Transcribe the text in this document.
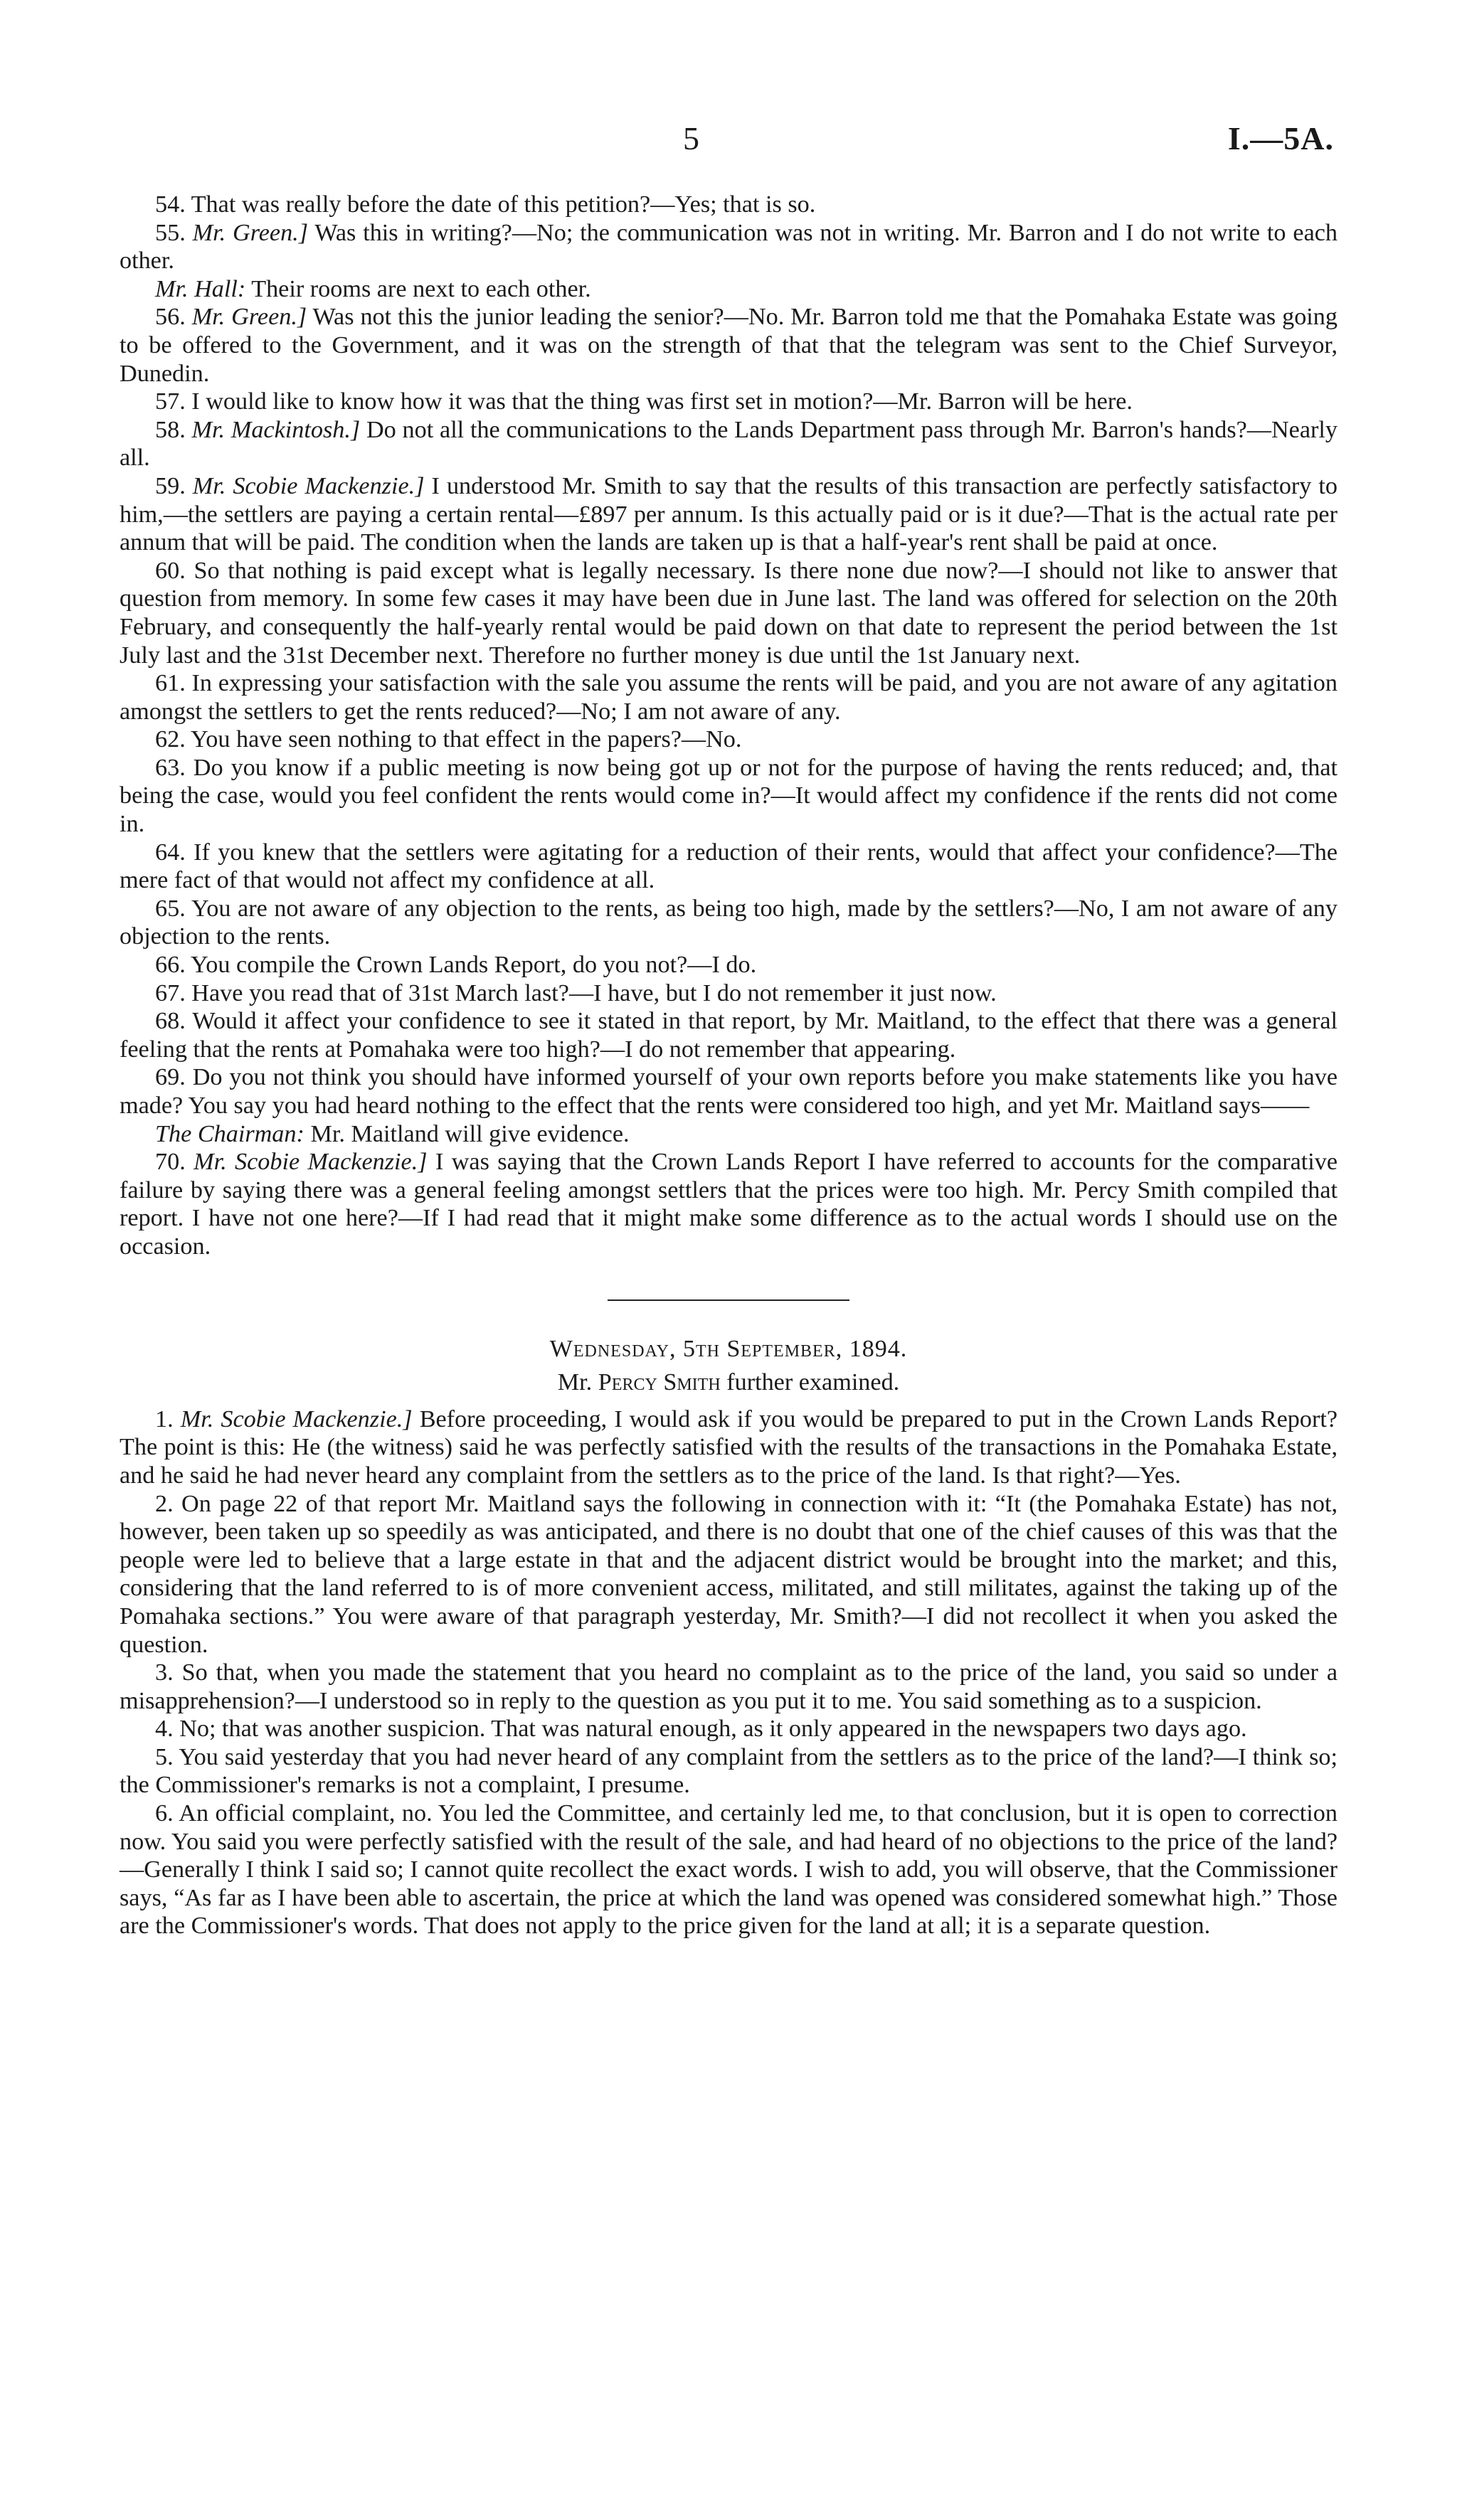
5	I.—5A.

54. That was really before the date of this petition?—Yes; that is so.

55. Mr. Green.] Was this in writing?—No; the communication was not in writing. Mr. Barron and I do not write to each other.

Mr. Hall: Their rooms are next to each other.

56. Mr. Green.] Was not this the junior leading the senior?—No. Mr. Barron told me that the Pomahaka Estate was going to be offered to the Government, and it was on the strength of that that the telegram was sent to the Chief Surveyor, Dunedin.

57. I would like to know how it was that the thing was first set in motion?—Mr. Barron will be here.

58. Mr. Mackintosh.] Do not all the communications to the Lands Department pass through Mr. Barron's hands?—Nearly all.

59. Mr. Scobie Mackenzie.] I understood Mr. Smith to say that the results of this transaction are perfectly satisfactory to him,—the settlers are paying a certain rental—£897 per annum. Is this actually paid or is it due?—That is the actual rate per annum that will be paid. The condition when the lands are taken up is that a half-year's rent shall be paid at once.

60. So that nothing is paid except what is legally necessary. Is there none due now?—I should not like to answer that question from memory. In some few cases it may have been due in June last. The land was offered for selection on the 20th February, and consequently the half-yearly rental would be paid down on that date to represent the period between the 1st July last and the 31st December next. Therefore no further money is due until the 1st January next.

61. In expressing your satisfaction with the sale you assume the rents will be paid, and you are not aware of any agitation amongst the settlers to get the rents reduced?—No; I am not aware of any.

62. You have seen nothing to that effect in the papers?—No.

63. Do you know if a public meeting is now being got up or not for the purpose of having the rents reduced; and, that being the case, would you feel confident the rents would come in?—It would affect my confidence if the rents did not come in.

64. If you knew that the settlers were agitating for a reduction of their rents, would that affect your confidence?—The mere fact of that would not affect my confidence at all.

65. You are not aware of any objection to the rents, as being too high, made by the settlers?—No, I am not aware of any objection to the rents.

66. You compile the Crown Lands Report, do you not?—I do.

67. Have you read that of 31st March last?—I have, but I do not remember it just now.

68. Would it affect your confidence to see it stated in that report, by Mr. Maitland, to the effect that there was a general feeling that the rents at Pomahaka were too high?—I do not remember that appearing.

69. Do you not think you should have informed yourself of your own reports before you make statements like you have made? You say you had heard nothing to the effect that the rents were considered too high, and yet Mr. Maitland says——

The Chairman: Mr. Maitland will give evidence.

70. Mr. Scobie Mackenzie.] I was saying that the Crown Lands Report I have referred to accounts for the comparative failure by saying there was a general feeling amongst settlers that the prices were too high. Mr. Percy Smith compiled that report. I have not one here?—If I had read that it might make some difference as to the actual words I should use on the occasion.

Wednesday, 5th September, 1894.

Mr. Percy Smith further examined.

1. Mr. Scobie Mackenzie.] Before proceeding, I would ask if you would be prepared to put in the Crown Lands Report? The point is this: He (the witness) said he was perfectly satisfied with the results of the transactions in the Pomahaka Estate, and he said he had never heard any complaint from the settlers as to the price of the land. Is that right?—Yes.

2. On page 22 of that report Mr. Maitland says the following in connection with it: “It (the Pomahaka Estate) has not, however, been taken up so speedily as was anticipated, and there is no doubt that one of the chief causes of this was that the people were led to believe that a large estate in that and the adjacent district would be brought into the market; and this, considering that the land referred to is of more convenient access, militated, and still militates, against the taking up of the Pomahaka sections.” You were aware of that paragraph yesterday, Mr. Smith?—I did not recollect it when you asked the question.

3. So that, when you made the statement that you heard no complaint as to the price of the land, you said so under a misapprehension?—I understood so in reply to the question as you put it to me. You said something as to a suspicion.

4. No; that was another suspicion. That was natural enough, as it only appeared in the newspapers two days ago.

5. You said yesterday that you had never heard of any complaint from the settlers as to the price of the land?—I think so; the Commissioner's remarks is not a complaint, I presume.

6. An official complaint, no. You led the Committee, and certainly led me, to that conclusion, but it is open to correction now. You said you were perfectly satisfied with the result of the sale, and had heard of no objections to the price of the land?—Generally I think I said so; I cannot quite recollect the exact words. I wish to add, you will observe, that the Commissioner says, “As far as I have been able to ascertain, the price at which the land was opened was considered somewhat high.” Those are the Commissioner's words. That does not apply to the price given for the land at all; it is a separate question.
